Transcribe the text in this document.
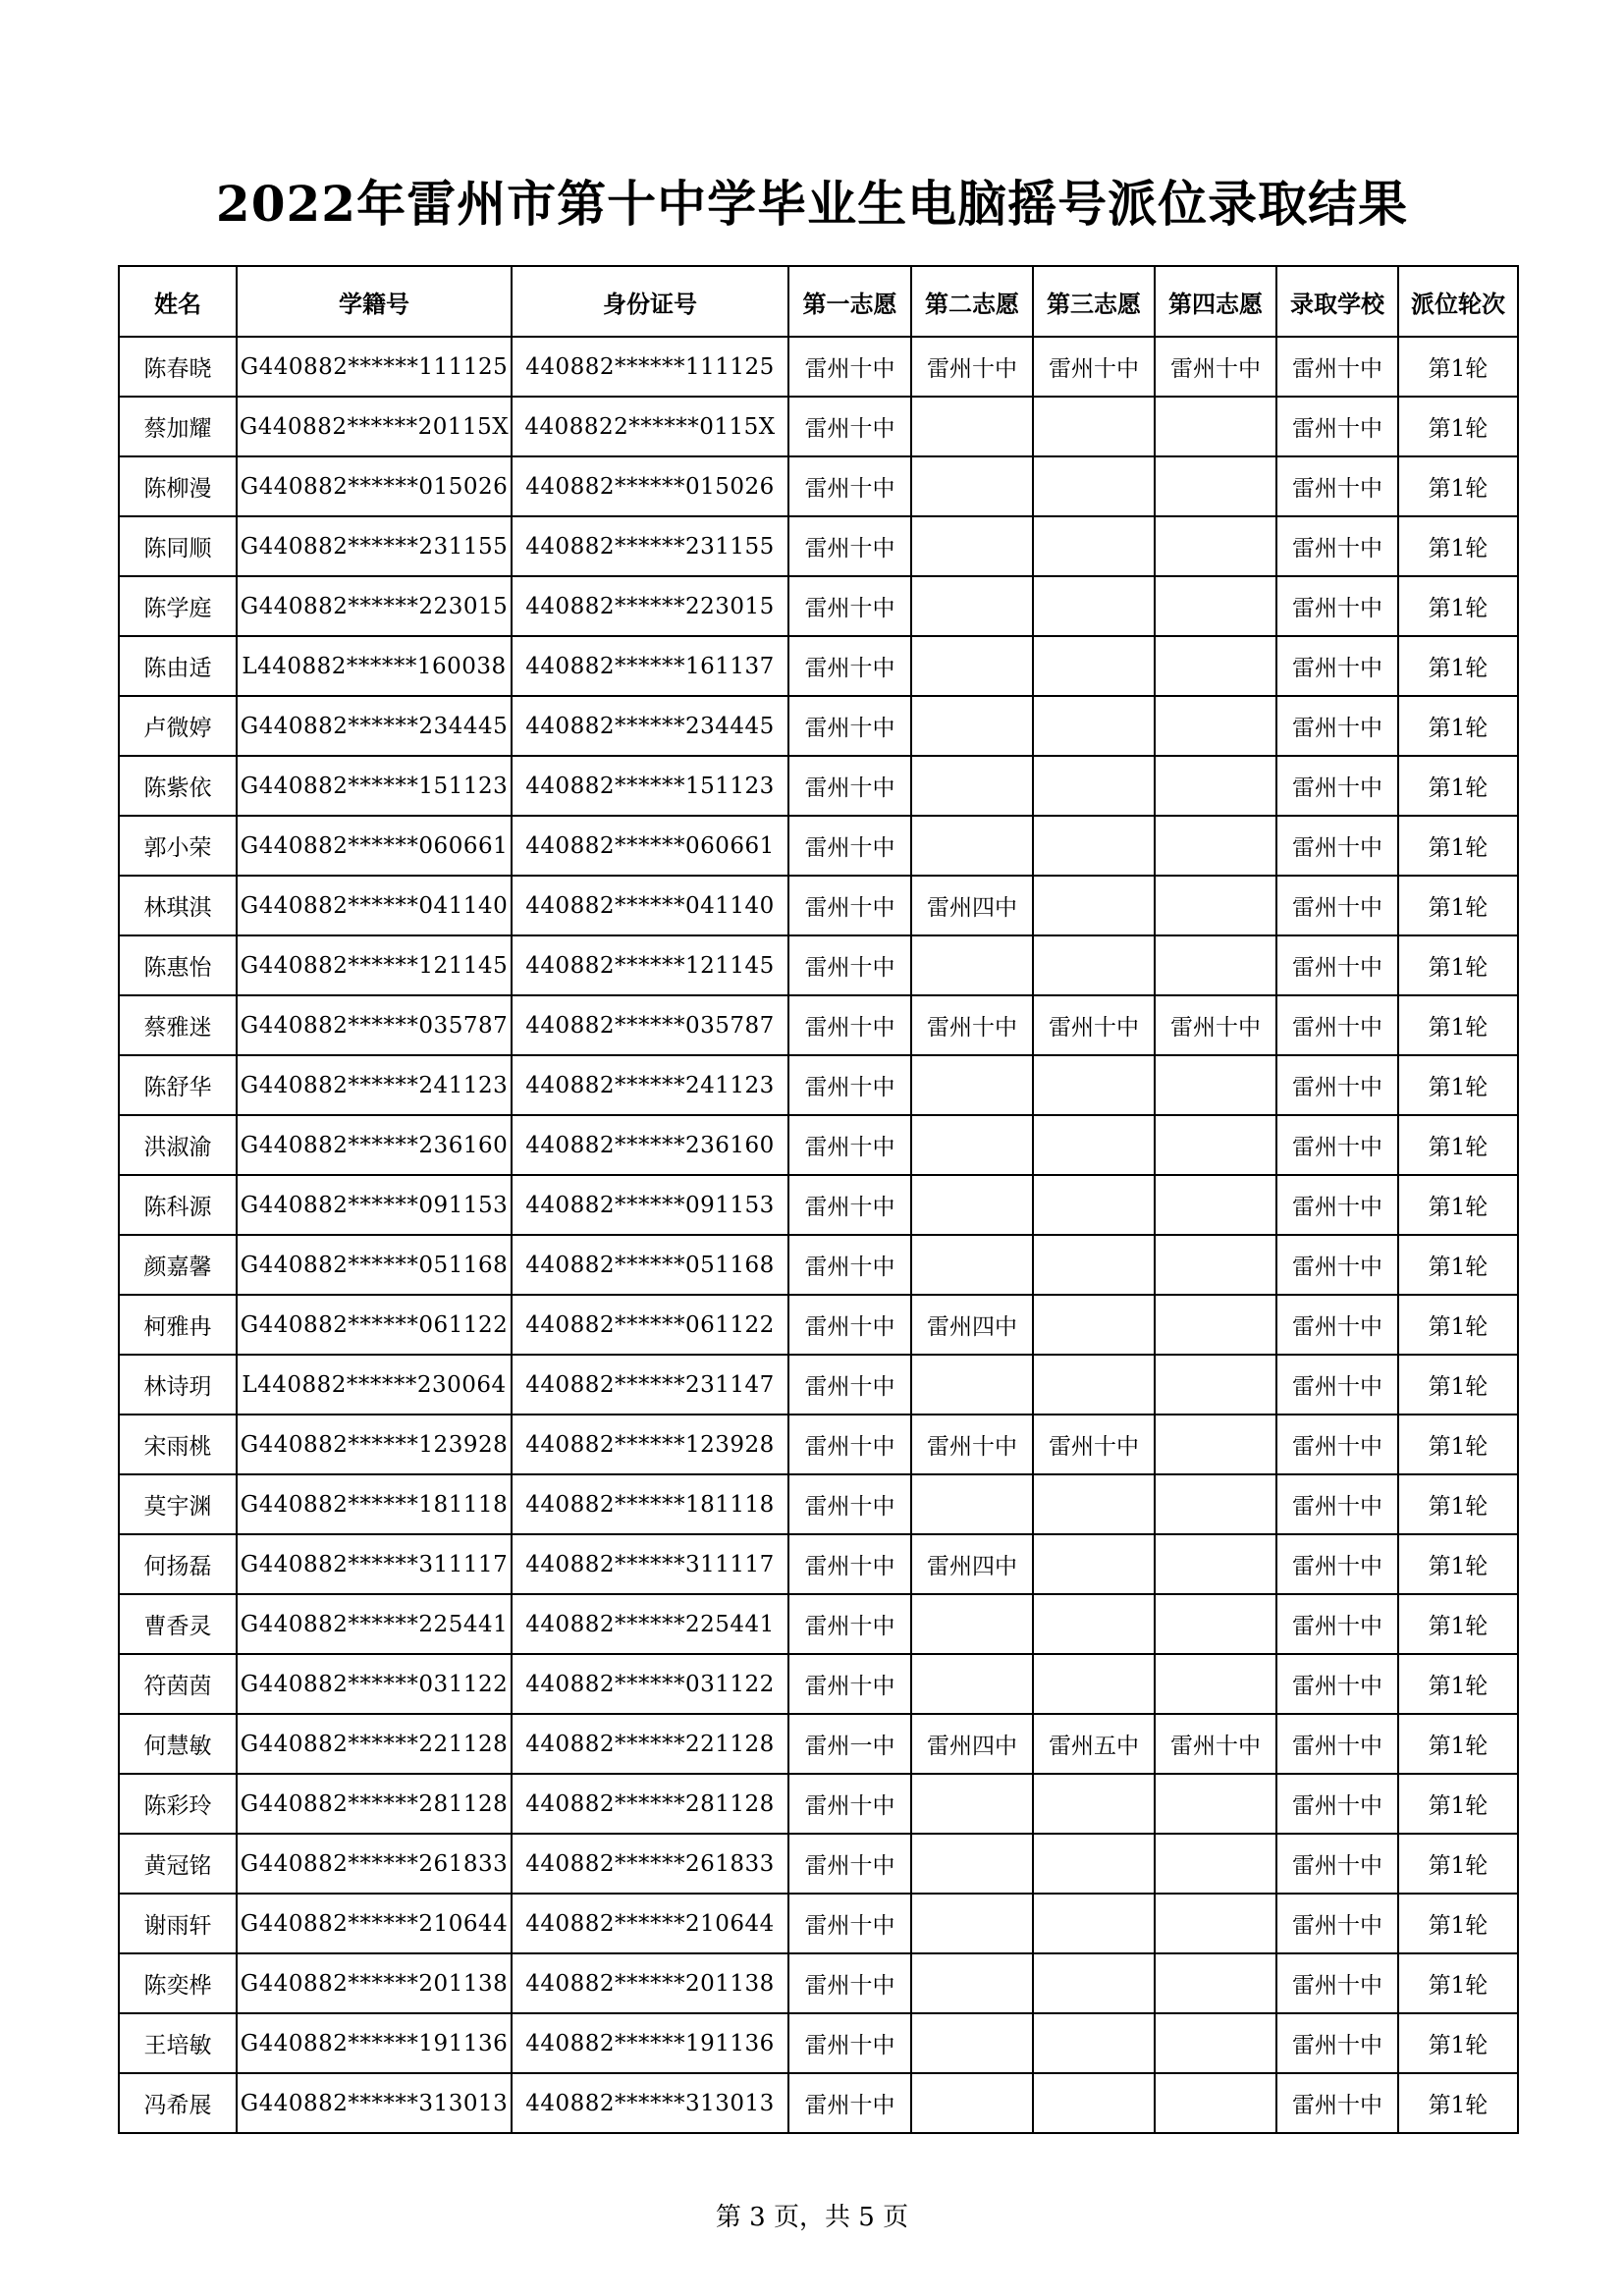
2022年雷州市第十中学毕业生电脑摇号派位录取结果
姓名	学籍号	身份证号	第一志愿	第二志愿	第三志愿	第四志愿	录取学校	派位轮次
陈春晓	G440882******111125	440882******111125	雷州十中	雷州十中	雷州十中	雷州十中	雷州十中	第1轮
蔡加耀	G440882******20115X	4408822******0115X	雷州十中				雷州十中	第1轮
陈柳漫	G440882******015026	440882******015026	雷州十中				雷州十中	第1轮
陈同顺	G440882******231155	440882******231155	雷州十中				雷州十中	第1轮
陈学庭	G440882******223015	440882******223015	雷州十中				雷州十中	第1轮
陈由适	L440882******160038	440882******161137	雷州十中				雷州十中	第1轮
卢微婷	G440882******234445	440882******234445	雷州十中				雷州十中	第1轮
陈紫依	G440882******151123	440882******151123	雷州十中				雷州十中	第1轮
郭小荣	G440882******060661	440882******060661	雷州十中				雷州十中	第1轮
林琪淇	G440882******041140	440882******041140	雷州十中	雷州四中			雷州十中	第1轮
陈惠怡	G440882******121145	440882******121145	雷州十中				雷州十中	第1轮
蔡雅迷	G440882******035787	440882******035787	雷州十中	雷州十中	雷州十中	雷州十中	雷州十中	第1轮
陈舒华	G440882******241123	440882******241123	雷州十中				雷州十中	第1轮
洪淑渝	G440882******236160	440882******236160	雷州十中				雷州十中	第1轮
陈科源	G440882******091153	440882******091153	雷州十中				雷州十中	第1轮
颜嘉馨	G440882******051168	440882******051168	雷州十中				雷州十中	第1轮
柯雅冉	G440882******061122	440882******061122	雷州十中	雷州四中			雷州十中	第1轮
林诗玥	L440882******230064	440882******231147	雷州十中				雷州十中	第1轮
宋雨桃	G440882******123928	440882******123928	雷州十中	雷州十中	雷州十中		雷州十中	第1轮
莫宇渊	G440882******181118	440882******181118	雷州十中				雷州十中	第1轮
何扬磊	G440882******311117	440882******311117	雷州十中	雷州四中			雷州十中	第1轮
曹香灵	G440882******225441	440882******225441	雷州十中				雷州十中	第1轮
符茵茵	G440882******031122	440882******031122	雷州十中				雷州十中	第1轮
何慧敏	G440882******221128	440882******221128	雷州一中	雷州四中	雷州五中	雷州十中	雷州十中	第1轮
陈彩玲	G440882******281128	440882******281128	雷州十中				雷州十中	第1轮
黄冠铭	G440882******261833	440882******261833	雷州十中				雷州十中	第1轮
谢雨轩	G440882******210644	440882******210644	雷州十中				雷州十中	第1轮
陈奕桦	G440882******201138	440882******201138	雷州十中				雷州十中	第1轮
王培敏	G440882******191136	440882******191136	雷州十中				雷州十中	第1轮
冯希展	G440882******313013	440882******313013	雷州十中				雷州十中	第1轮
第 3 页，共 5 页
